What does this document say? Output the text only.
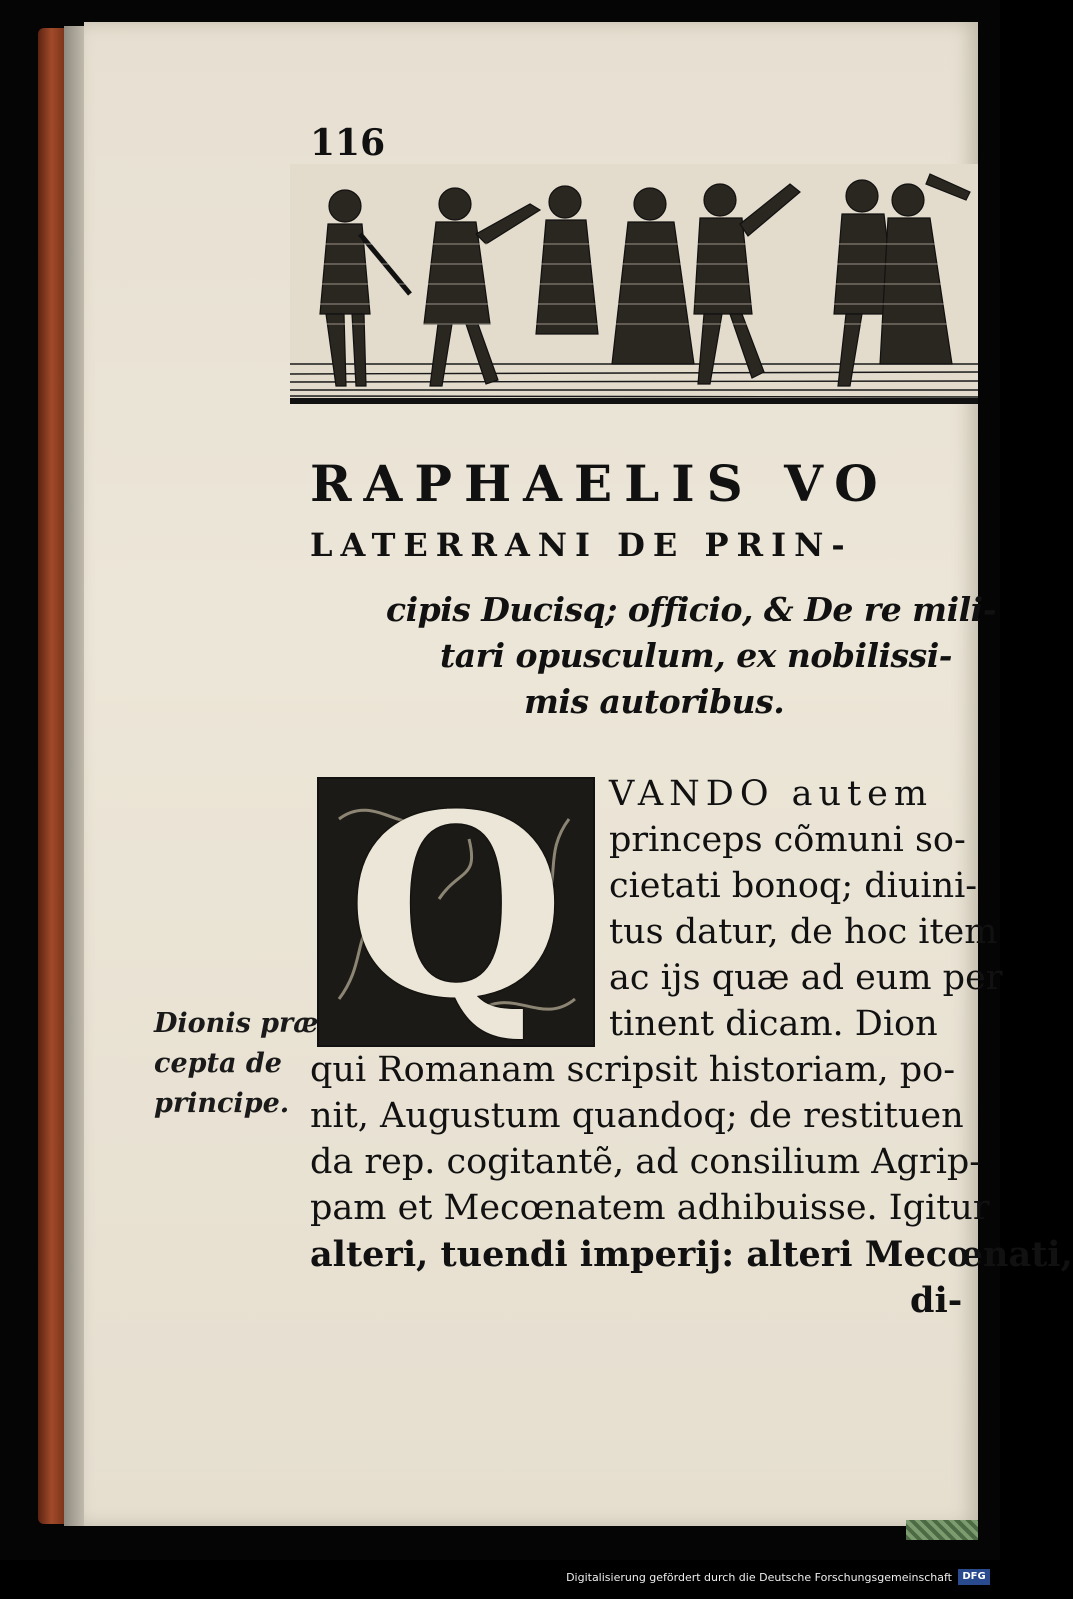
116
RAPHAELIS VO
LATERRANI DE PRIN-
cipis Ducisq; officio, & De re mili-
tari opusculum, ex nobilissi-
mis autoribus.
Q	VANDO autem
princeps cõmuni so-
cietati bonoq; diuini-
tus datur, de hoc item
ac ijs quæ ad eum per
tinent dicam. Dion
qui Romanam scripsit historiam, po-
nit, Augustum quandoq; de restituen
da rep. cogitantẽ, ad consilium Agrip-
pam et Mecœnatem adhibuisse. Igitur
alteri, tuendi imperij: alteri Mecœnati,
di-
Dionis præ
cepta de
principe.
Digitalisierung gefördert durch die Deutsche Forschungsgemeinschaft	DFG
